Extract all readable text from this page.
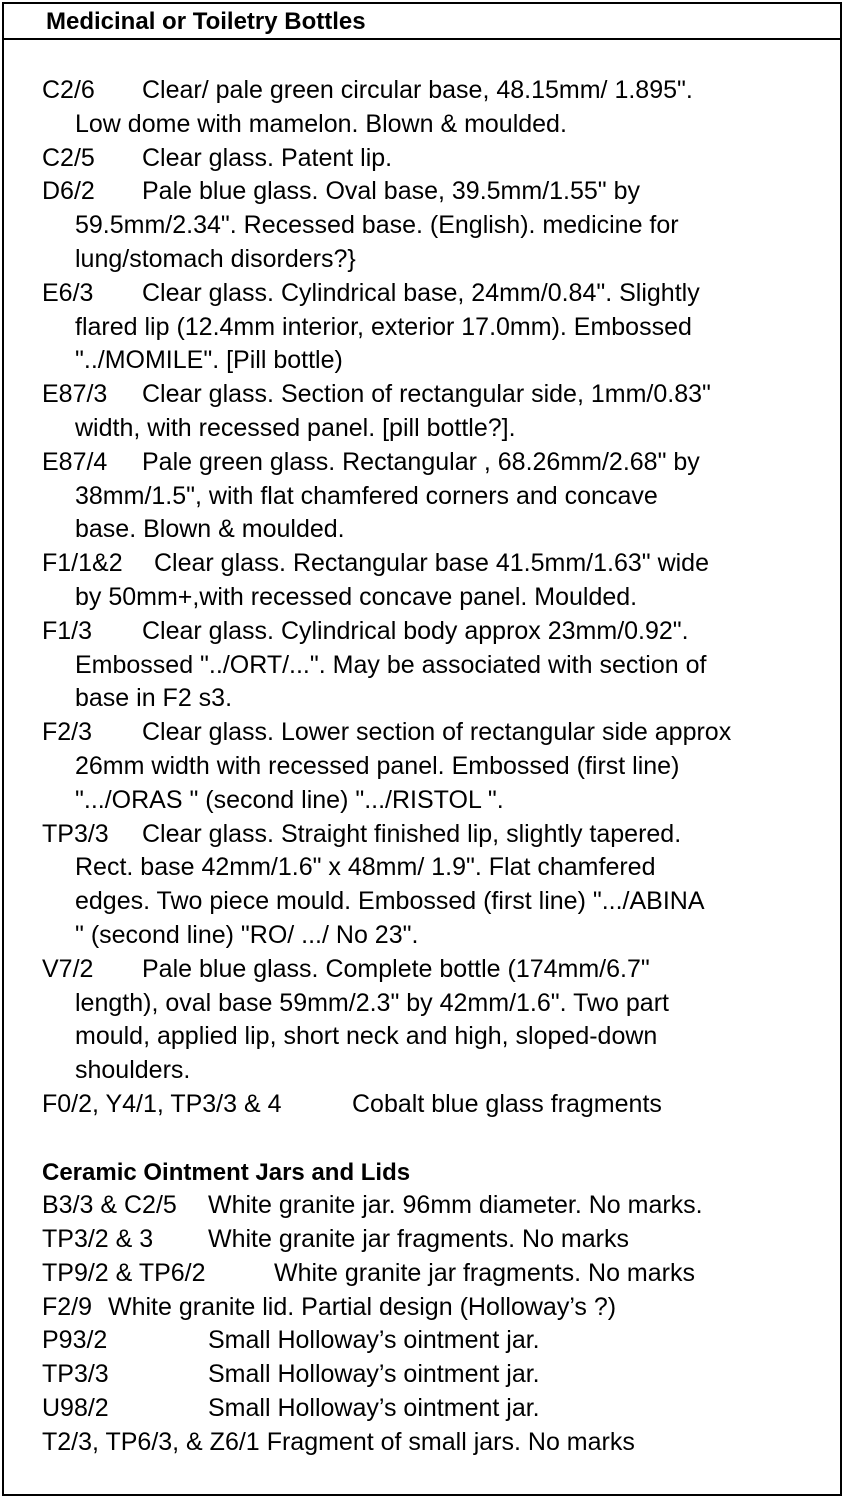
Medicinal or Toiletry Bottles
C2/6 Clear/ pale green circular base, 48.15mm/ 1.895".
Low dome with mamelon. Blown & moulded.
C2/5 Clear glass. Patent lip.
D6/2 Pale blue glass. Oval base, 39.5mm/1.55" by
59.5mm/2.34". Recessed base. (English). medicine for
lung/stomach disorders?}
E6/3 Clear glass. Cylindrical base, 24mm/0.84". Slightly
flared lip (12.4mm interior, exterior 17.0mm). Embossed
"../MOMILE". [Pill bottle)
E87/3 Clear glass. Section of rectangular side, 1mm/0.83"
width, with recessed panel. [pill bottle?].
E87/4 Pale green glass. Rectangular , 68.26mm/2.68" by
38mm/1.5", with flat chamfered corners and concave
base. Blown & moulded.
F1/1&2 Clear glass. Rectangular base 41.5mm/1.63" wide
by 50mm+,with recessed concave panel. Moulded.
F1/3 Clear glass. Cylindrical body approx 23mm/0.92".
Embossed "../ORT/...". May be associated with section of
base in F2 s3.
F2/3 Clear glass. Lower section of rectangular side approx
26mm width with recessed panel. Embossed (first line)
".../ORAS " (second line) ".../RISTOL ".
TP3/3 Clear glass. Straight finished lip, slightly tapered.
Rect. base 42mm/1.6" x 48mm/ 1.9". Flat chamfered
edges. Two piece mould. Embossed (first line) ".../ABINA
" (second line) "RO/ .../ No 23".
V7/2 Pale blue glass. Complete bottle (174mm/6.7"
length), oval base 59mm/2.3" by 42mm/1.6". Two part
mould, applied lip, short neck and high, sloped-down
shoulders.
F0/2, Y4/1, TP3/3 & 4	Cobalt blue glass fragments
Ceramic Ointment Jars and Lids
B3/3 & C2/5 White granite jar. 96mm diameter. No marks.
TP3/2 & 3 White granite jar fragments. No marks
TP9/2 & TP6/2	White granite jar fragments. No marks
F2/9 White granite lid. Partial design (Holloway’s ?)
P93/2	Small Holloway’s ointment jar.
TP3/3	Small Holloway’s ointment jar.
U98/2	Small Holloway’s ointment jar.
T2/3, TP6/3, & Z6/1 Fragment of small jars. No marks
